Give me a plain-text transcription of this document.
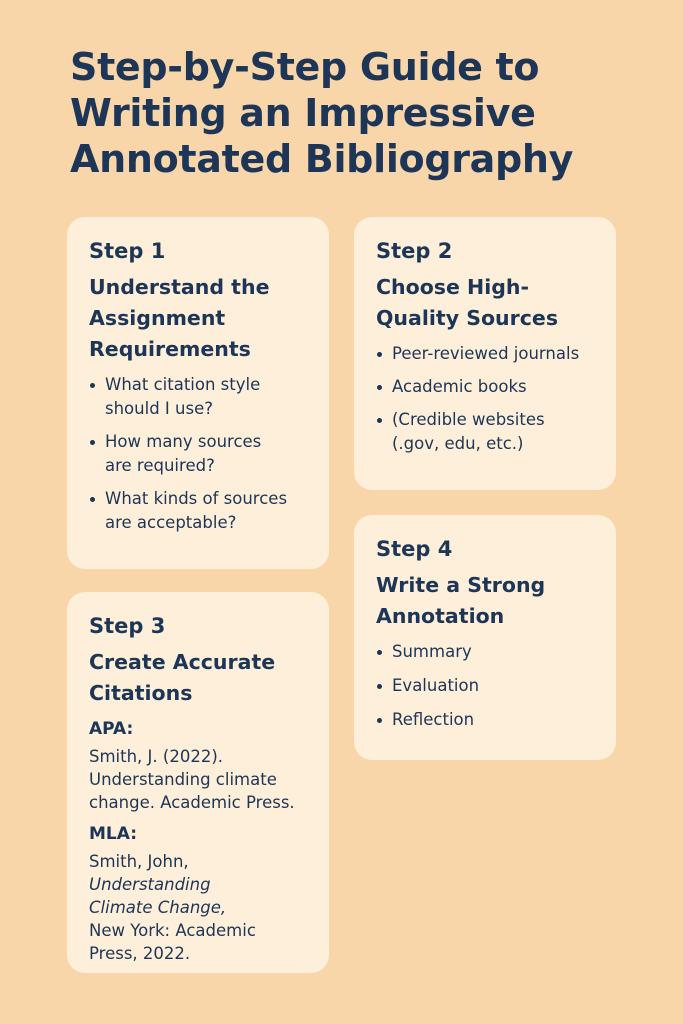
Step-by-Step Guide to
Writing an Impressive
Annotated Bibliography
Step 1
Understand the
Assignment
Requirements
What citation style
should I use?
How many sources
are required?
What kinds of sources
are acceptable?
Step 2
Choose High-
Quality Sources
Peer-reviewed journals
Academic books
(Credible websites
(.gov, edu, etc.)
Step 3
Create Accurate
Citations
APA:
Smith, J. (2022).
Understanding climate
change. Academic Press.
MLA:
Smith, John,
Understanding
Climate Change,
New York: Academic
Press, 2022.
Step 4
Write a Strong
Annotation
Summary
Evaluation
Reflection
